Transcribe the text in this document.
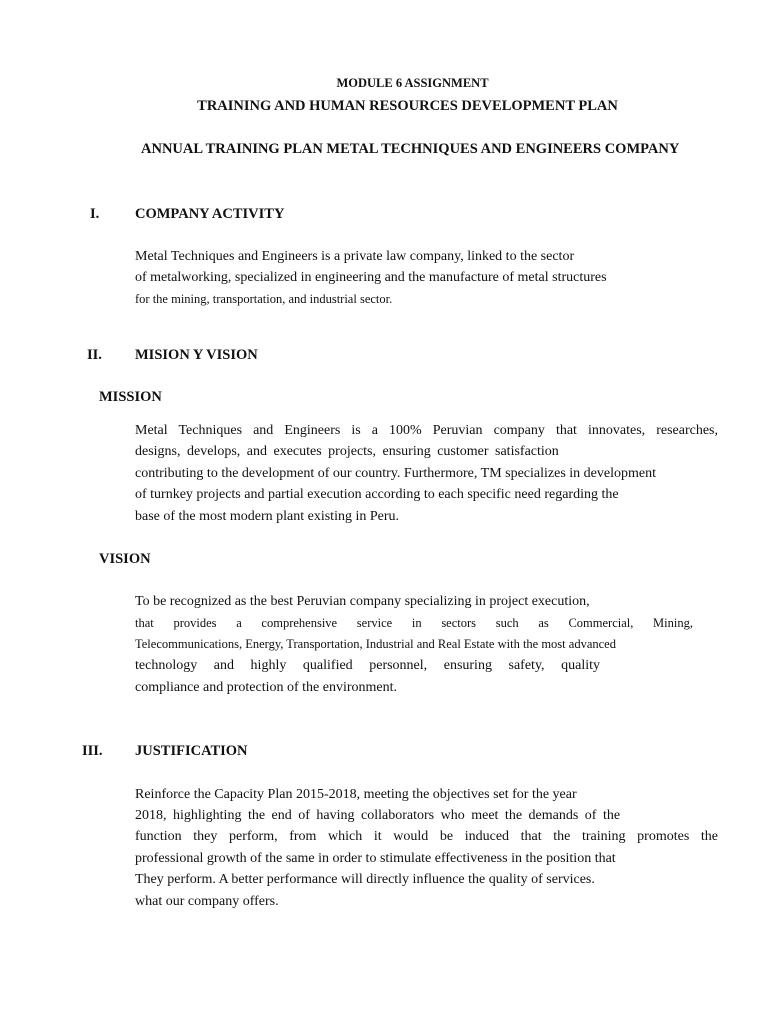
MODULE 6 ASSIGNMENT
TRAINING AND HUMAN RESOURCES DEVELOPMENT PLAN
ANNUAL TRAINING PLAN METAL TECHNIQUES AND ENGINEERS COMPANY
I. COMPANY ACTIVITY
Metal Techniques and Engineers is a private law company, linked to the sector
of metalworking, specialized in engineering and the manufacture of metal structures
for the mining, transportation, and industrial sector.
II. MISION Y VISION
MISSION
Metal Techniques and Engineers is a 100% Peruvian company that innovates, researches,
designs, develops, and executes projects, ensuring customer satisfaction
contributing to the development of our country. Furthermore, TM specializes in development
of turnkey projects and partial execution according to each specific need regarding the
base of the most modern plant existing in Peru.
VISION
To be recognized as the best Peruvian company specializing in project execution,
that provides a comprehensive service in sectors such as Commercial, Mining,
Telecommunications, Energy, Transportation, Industrial and Real Estate with the most advanced
technology and highly qualified personnel, ensuring safety, quality
compliance and protection of the environment.
III. JUSTIFICATION
Reinforce the Capacity Plan 2015-2018, meeting the objectives set for the year
2018, highlighting the end of having collaborators who meet the demands of the
function they perform, from which it would be induced that the training promotes the
professional growth of the same in order to stimulate effectiveness in the position that
They perform. A better performance will directly influence the quality of services.
what our company offers.
